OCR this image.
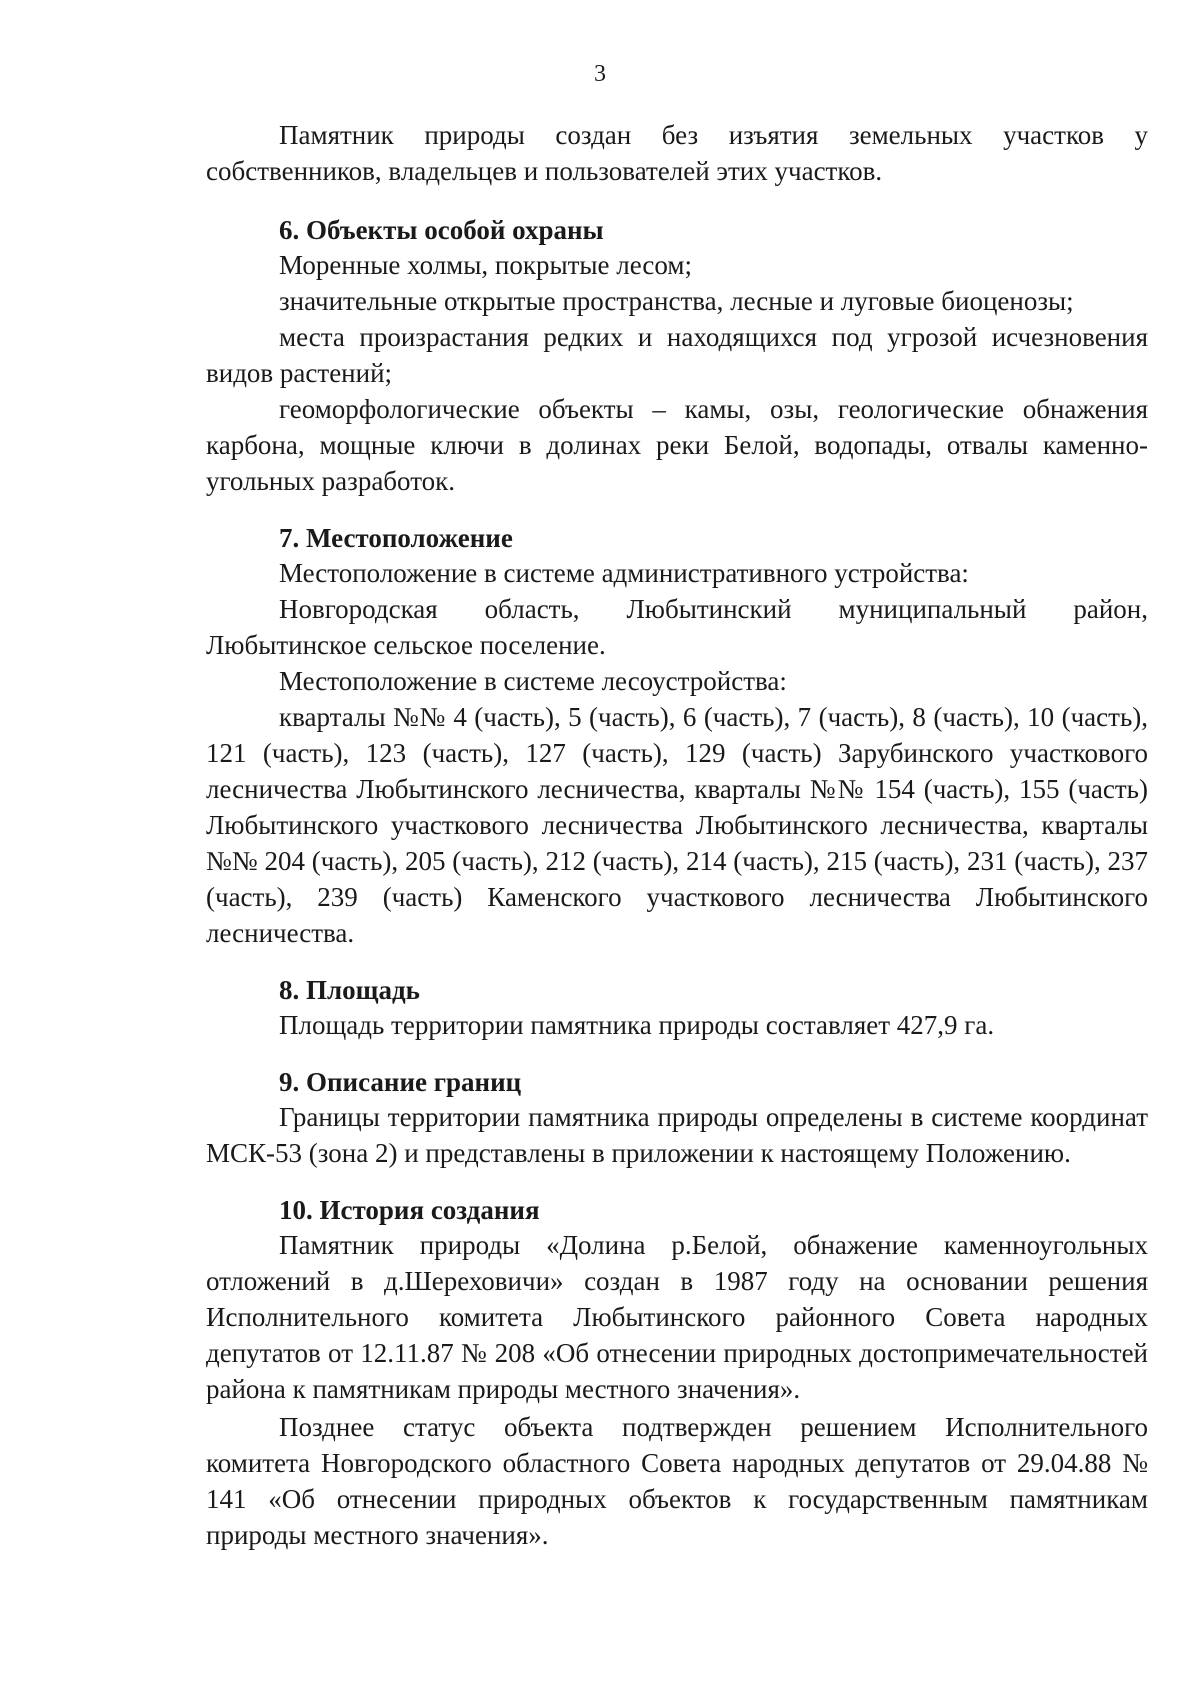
3

Памятник природы создан без изъятия земельных участков у собственников, владельцев и пользователей этих участков.

6. Объекты особой охраны

Моренные холмы, покрытые лесом;

значительные открытые пространства, лесные и луговые биоценозы;

места произрастания редких и находящихся под угрозой исчезновения видов растений;

геоморфологические объекты – камы, озы, геологические обнажения карбона, мощные ключи в долинах реки Белой, водопады, отвалы каменно-угольных разработок.

7. Местоположение

Местоположение в системе административного устройства:

Новгородская область, Любытинский муниципальный район, Любытинское сельское поселение.

Местоположение в системе лесоустройства:

кварталы №№ 4 (часть), 5 (часть), 6 (часть), 7 (часть), 8 (часть), 10 (часть), 121 (часть), 123 (часть), 127 (часть), 129 (часть) Зарубинского участкового лесничества Любытинского лесничества, кварталы №№ 154 (часть), 155 (часть) Любытинского участкового лесничества Любытинского лесничества, кварталы №№ 204 (часть), 205 (часть), 212 (часть), 214 (часть), 215 (часть), 231 (часть), 237 (часть), 239 (часть) Каменского участкового лесничества Любытинского лесничества.

8. Площадь

Площадь территории памятника природы составляет 427,9 га.

9. Описание границ

Границы территории памятника природы определены в системе координат МСК-53 (зона 2) и представлены в приложении к настоящему Положению.

10. История создания

Памятник природы «Долина р.Белой, обнажение каменноугольных отложений в д.Шереховичи» создан в 1987 году на основании решения Исполнительного комитета Любытинского районного Совета народных депутатов от 12.11.87 № 208 «Об отнесении природных достопримечательностей района к памятникам природы местного значения».

Позднее статус объекта подтвержден решением Исполнительного комитета Новгородского областного Совета народных депутатов от 29.04.88 № 141 «Об отнесении природных объектов к государственным памятникам природы местного значения».
